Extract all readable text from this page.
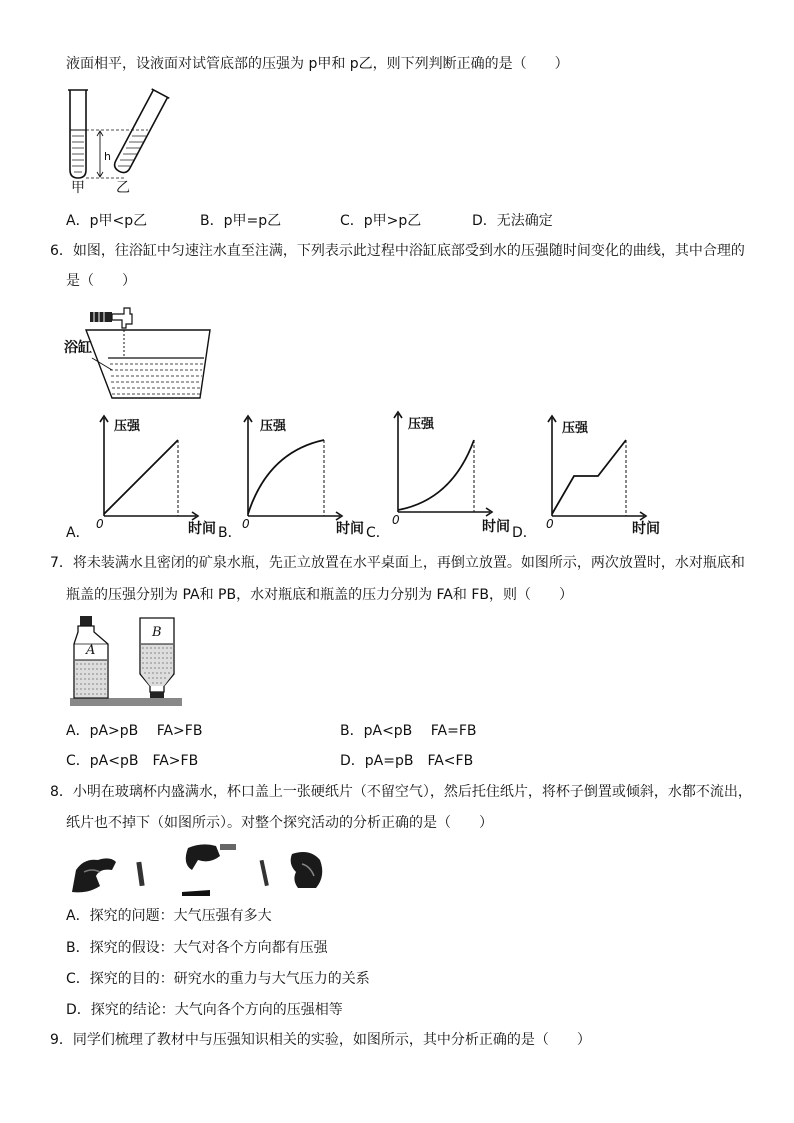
液面相平，设液面对试管底部的压强为 p甲和 p乙，则下列判断正确的是（　　）
h
甲 乙
A．p甲<p乙	B．p甲=p乙	C．p甲>p乙	D．无法确定
6．如图，往浴缸中匀速注水直至注满，下列表示此过程中浴缸底部受到水的压强随时间变化的曲线，其中合理的
是（　　）
浴缸
压强
0	时间
压强
0	时间
压强
0	时间
压强
0	时间
A．	B．	C．	D．
7．将未装满水且密闭的矿泉水瓶，先正立放置在水平桌面上，再倒立放置。如图所示，两次放置时，水对瓶底和
瓶盖的压强分别为 PA和 PB，水对瓶底和瓶盖的压力分别为 FA和 FB，则（　　）
A
B
A．pA>pB　 FA>FB	B．pA<pB　 FA=FB
C．pA<pB　FA>FB	D．pA=pB　FA<FB
8．小明在玻璃杯内盛满水，杯口盖上一张硬纸片（不留空气），然后托住纸片，将杯子倒置或倾斜，水都不流出，
纸片也不掉下（如图所示）。对整个探究活动的分析正确的是（　　）
A．探究的问题：大气压强有多大
B．探究的假设：大气对各个方向都有压强
C．探究的目的：研究水的重力与大气压力的关系
D．探究的结论：大气向各个方向的压强相等
9．同学们梳理了教材中与压强知识相关的实验，如图所示，其中分析正确的是（　　）
